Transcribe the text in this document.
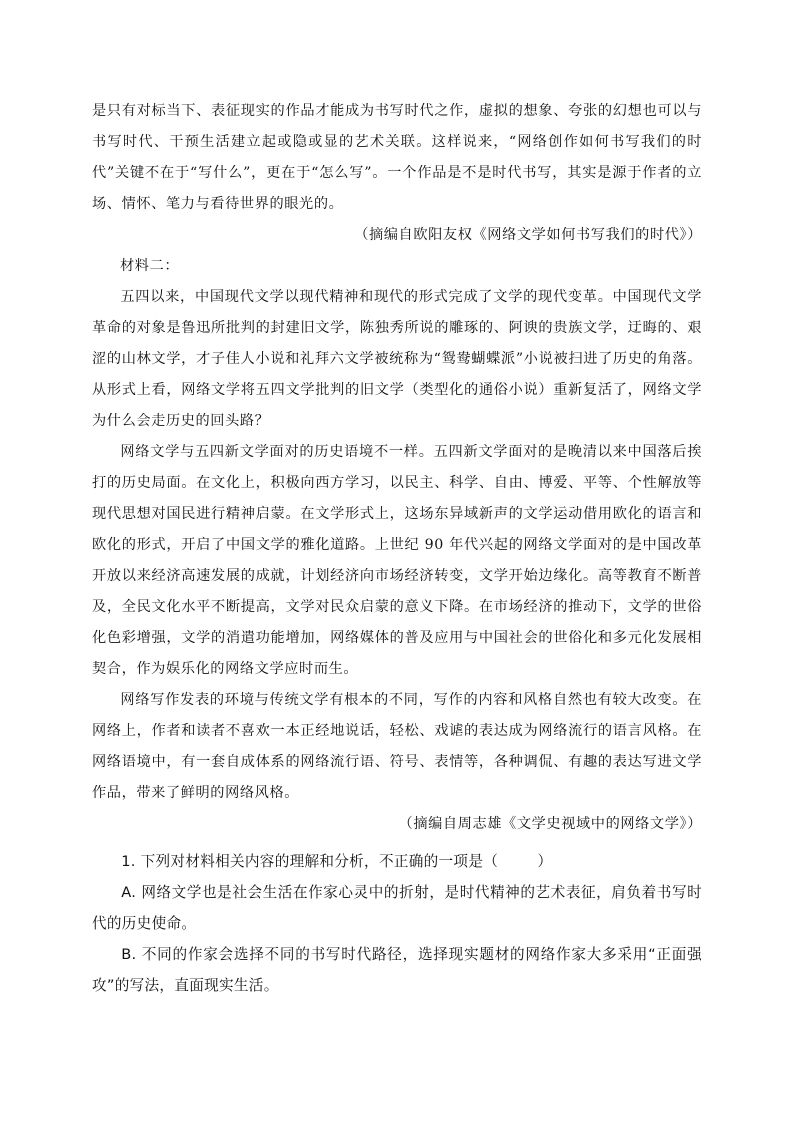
是只有对标当下、表征现实的作品才能成为书写时代之作，虚拟的想象、夸张的幻想也可以与书写时代、干预生活建立起或隐或显的艺术关联。这样说来，“网络创作如何书写我们的时代”关键不在于“写什么”，更在于“怎么写”。一个作品是不是时代书写，其实是源于作者的立场、情怀、笔力与看待世界的眼光的。

（摘编自欧阳友权《网络文学如何书写我们的时代》）

材料二：

五四以来，中国现代文学以现代精神和现代的形式完成了文学的现代变革。中国现代文学革命的对象是鲁迅所批判的封建旧文学，陈独秀所说的雕琢的、阿谀的贵族文学，迂晦的、艰涩的山林文学，才子佳人小说和礼拜六文学被统称为“鸳鸯蝴蝶派”小说被扫进了历史的角落。从形式上看，网络文学将五四文学批判的旧文学（类型化的通俗小说）重新复活了，网络文学为什么会走历史的回头路？

网络文学与五四新文学面对的历史语境不一样。五四新文学面对的是晚清以来中国落后挨打的历史局面。在文化上，积极向西方学习，以民主、科学、自由、博爱、平等、个性解放等现代思想对国民进行精神启蒙。在文学形式上，这场东异域新声的文学运动借用欧化的语言和欧化的形式，开启了中国文学的雅化道路。上世纪 90 年代兴起的网络文学面对的是中国改革开放以来经济高速发展的成就，计划经济向市场经济转变，文学开始边缘化。高等教育不断普及，全民文化水平不断提高，文学对民众启蒙的意义下降。在市场经济的推动下，文学的世俗化色彩增强，文学的消遣功能增加，网络媒体的普及应用与中国社会的世俗化和多元化发展相契合，作为娱乐化的网络文学应时而生。

网络写作发表的环境与传统文学有根本的不同，写作的内容和风格自然也有较大改变。在网络上，作者和读者不喜欢一本正经地说话，轻松、戏谑的表达成为网络流行的语言风格。在网络语境中，有一套自成体系的网络流行语、符号、表情等，各种调侃、有趣的表达写进文学作品，带来了鲜明的网络风格。

（摘编自周志雄《文学史视域中的网络文学》）

1. 下列对材料相关内容的理解和分析，不正确的一项是（	）

A. 网络文学也是社会生活在作家心灵中的折射，是时代精神的艺术表征，肩负着书写时代的历史使命。

B. 不同的作家会选择不同的书写时代路径，选择现实题材的网络作家大多采用“正面强攻”的写法，直面现实生活。
